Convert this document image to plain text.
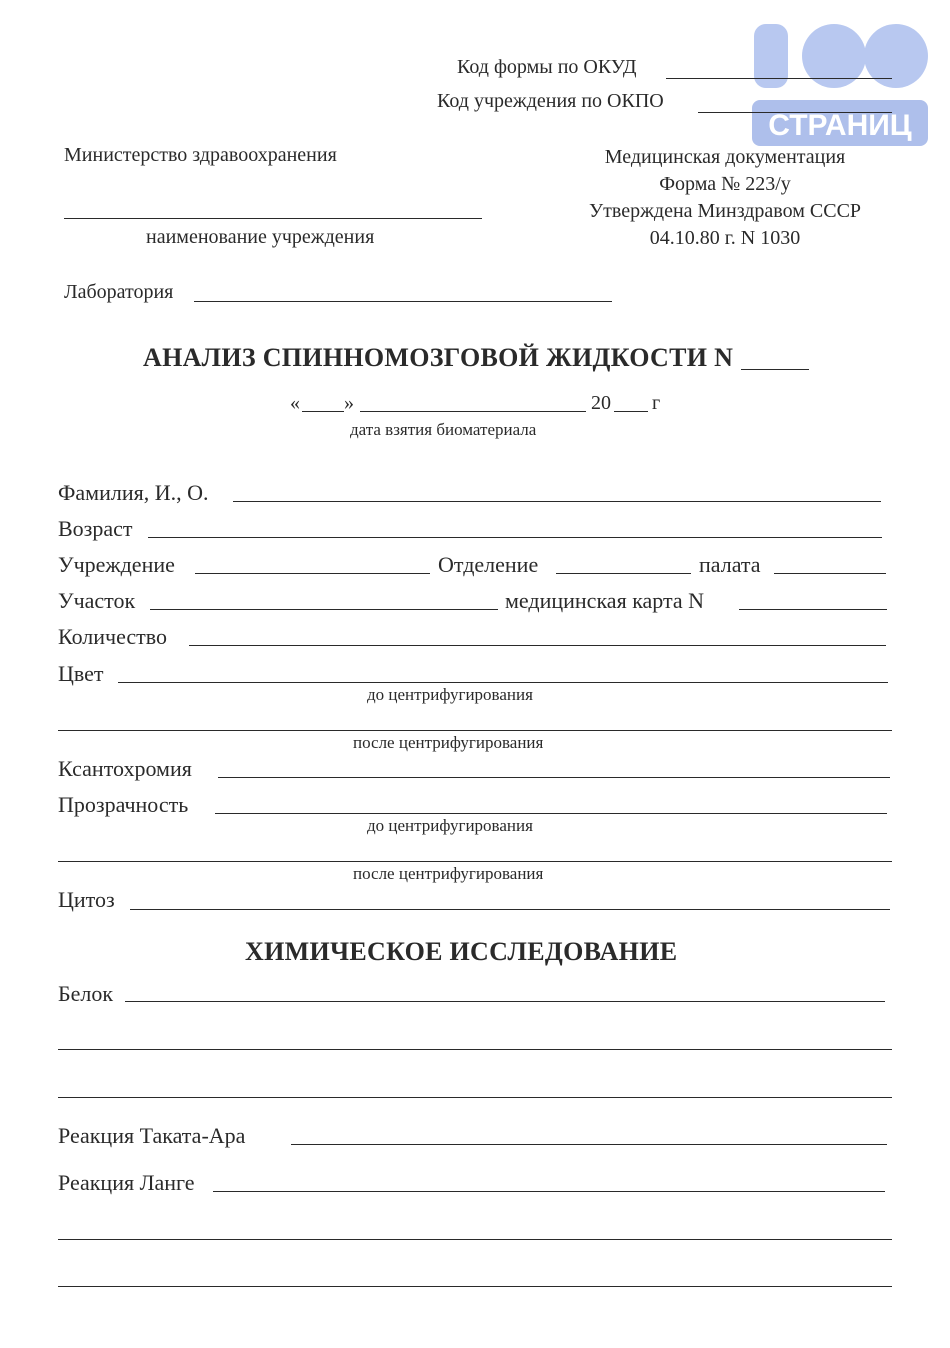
СТРАНИЦ
Код формы по ОКУД
Код учреждения по ОКПО
Министерство здравоохранения
наименование учреждения
Медицинская документация
Форма № 223/у
Утверждена Минздравом СССР
04.10.80 г. N 1030
Лаборатория
АНАЛИЗ СПИННОМОЗГОВОЙ ЖИДКОСТИ N
« »	20 г
дата взятия биоматериала
Фамилия, И., О.
Возраст
Учреждение	Отделение	палата
Участок	медицинская карта N
Количество
Цвет
до центрифугирования
после центрифугирования
Ксантохромия
Прозрачность
до центрифугирования
после центрифугирования
Цитоз
ХИМИЧЕСКОЕ ИССЛЕДОВАНИЕ
Белок
Реакция Таката-Ара
Реакция Ланге
